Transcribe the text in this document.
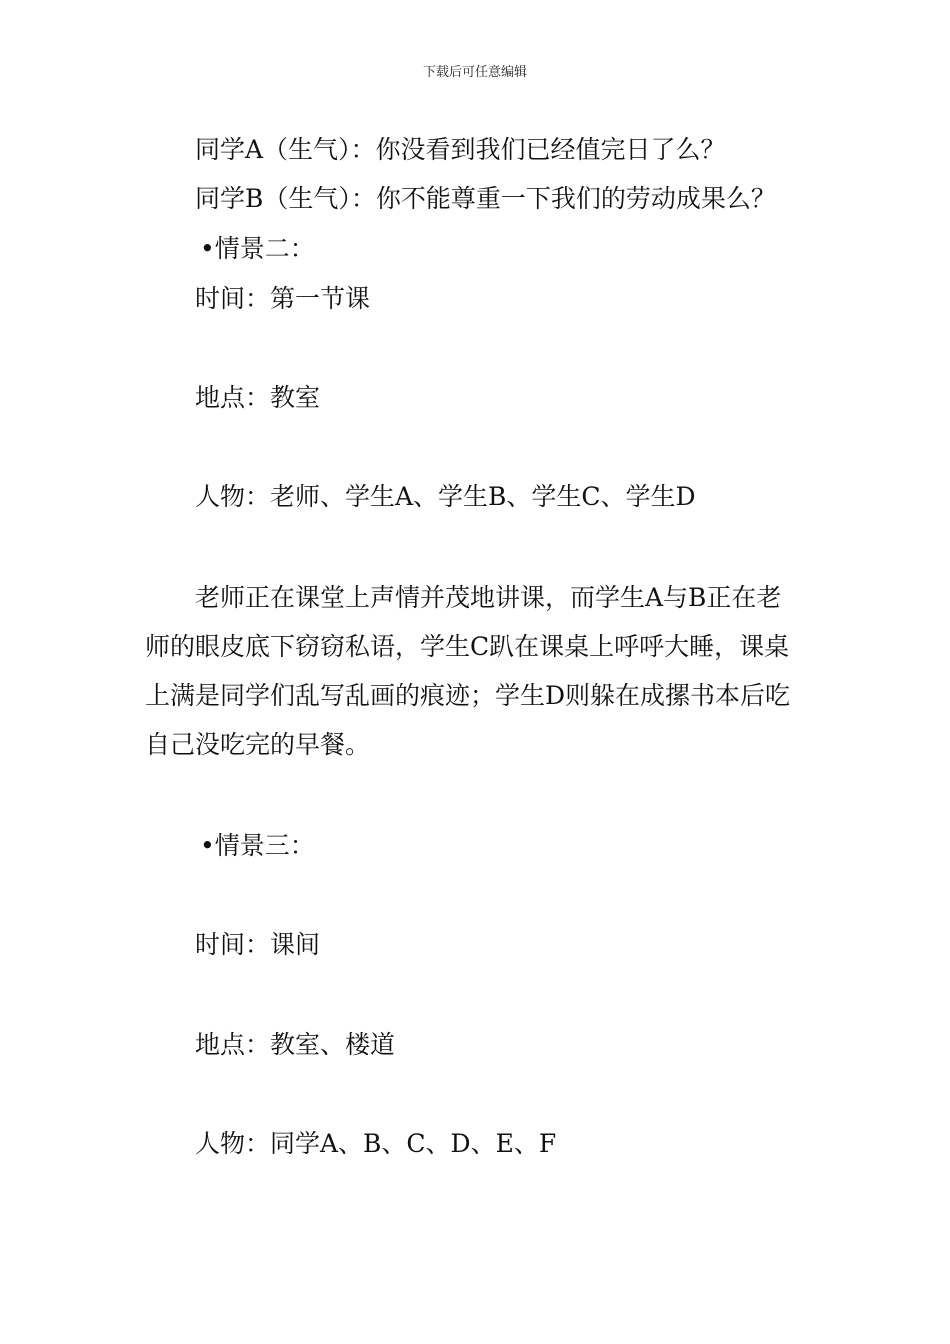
下载后可任意编辑
同学A（生气）：你没看到我们已经值完日了么？
同学B（生气）：你不能尊重一下我们的劳动成果么？
•情景二：
时间：第一节课
地点：教室
人物：老师、学生A、学生B、学生C、学生D
老师正在课堂上声情并茂地讲课，而学生A与B正在老
师的眼皮底下窃窃私语，学生C趴在课桌上呼呼大睡，课桌
上满是同学们乱写乱画的痕迹；学生D则躲在成摞书本后吃
自己没吃完的早餐。
•情景三：
时间：课间
地点：教室、楼道
人物：同学A、B、C、D、E、F
